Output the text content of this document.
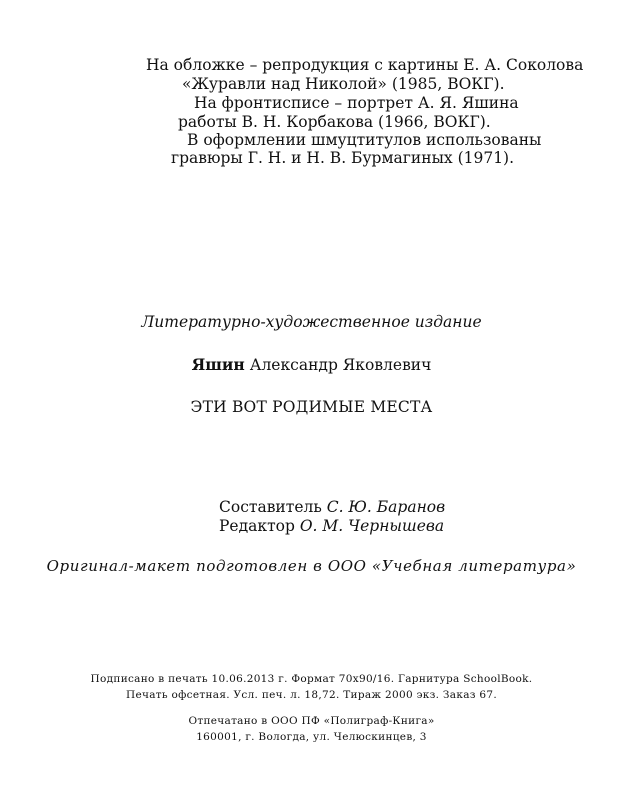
На обложке – репродукция с картины Е. А. Соколова
«Журавли над Николой» (1985, ВОКГ).
На фронтисписе – портрет А. Я. Яшина
работы В. Н. Корбакова (1966, ВОКГ).
В оформлении шмуцтитулов использованы
гравюры Г. Н. и Н. В. Бурмагиных (1971).
Литературно-художественное издание
Яшин Александр Яковлевич
ЭТИ ВОТ РОДИМЫЕ МЕСТА
Составитель С. Ю. Баранов
Редактор О. М. Чернышева
Оригинал-макет подготовлен в ООО «Учебная литература»
Подписано в печать 10.06.2013 г. Формат 70х90/16. Гарнитура SchoolBook.
Печать офсетная. Усл. печ. л. 18,72. Тираж 2000 экз. Заказ 67.
Отпечатано в ООО ПФ «Полиграф-Книга»
160001, г. Вологда, ул. Челюскинцев, 3
